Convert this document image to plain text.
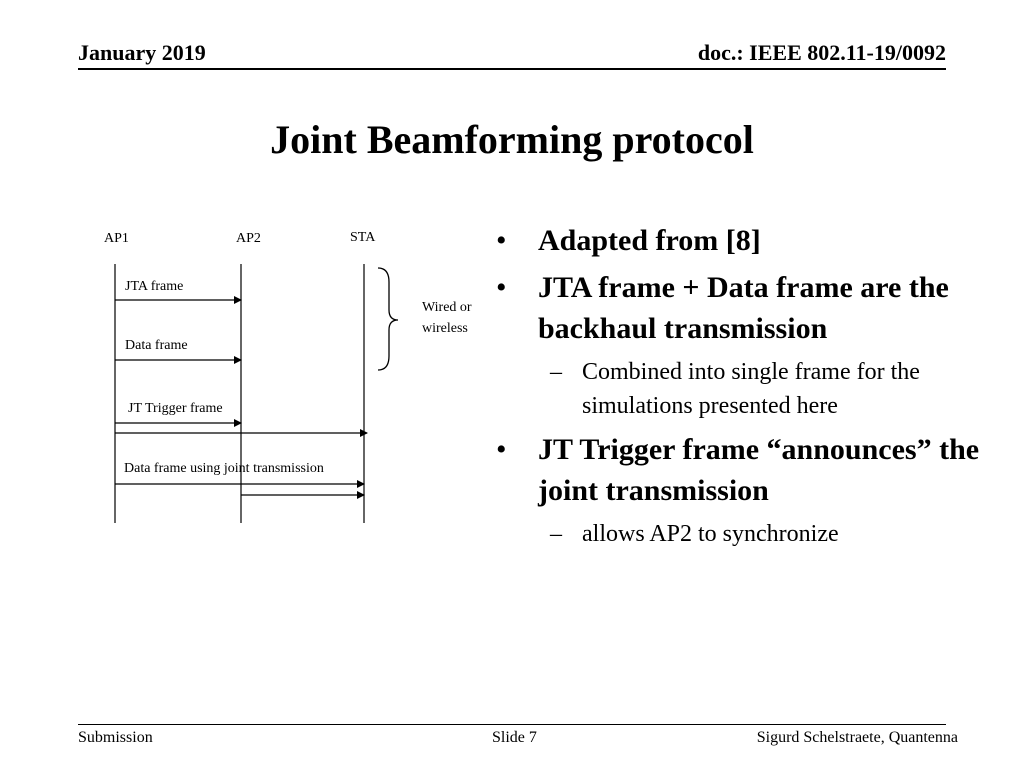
January 2019	doc.: IEEE 802.11-19/0092
Joint Beamforming protocol
AP1	AP2	STA
JTA frame
Data frame
JT Trigger frame
Data frame using joint transmission
Wired or
wireless
• Adapted from [8]
• JTA frame + Data frame are the backhaul transmission
– Combined into single frame for the simulations presented here
• JT Trigger frame “announces” the joint transmission
– allows AP2 to synchronize
Submission	Slide 7	Sigurd Schelstraete, Quantenna
